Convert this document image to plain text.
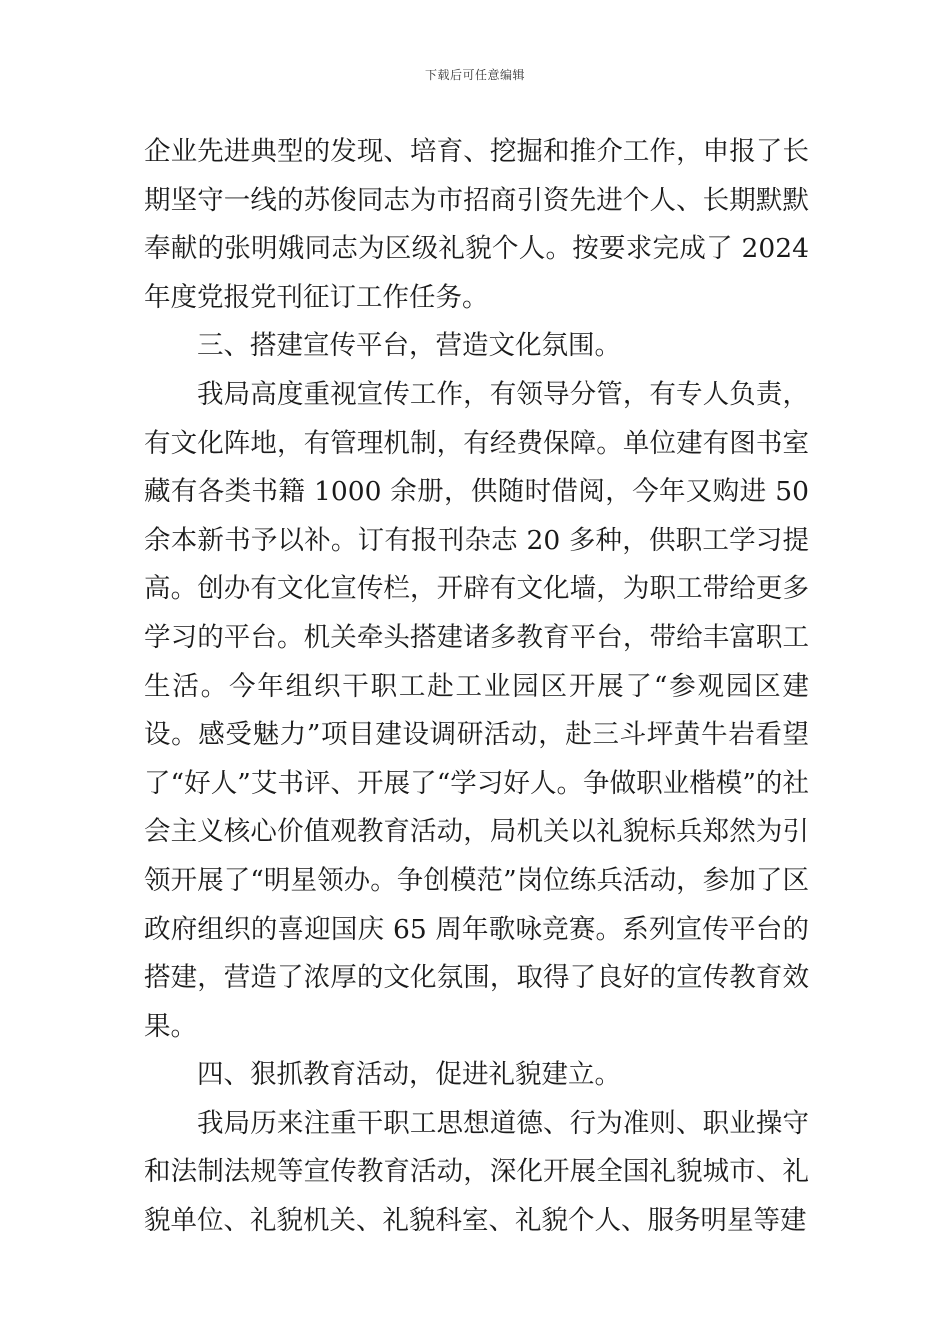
下载后可任意编辑

企业先进典型的发现、培育、挖掘和推介工作，申报了长期坚守一线的苏俊同志为市招商引资先进个人、长期默默奉献的张明娥同志为区级礼貌个人。按要求完成了 2024 年度党报党刊征订工作任务。

三、搭建宣传平台，营造文化氛围。

我局高度重视宣传工作，有领导分管，有专人负责，有文化阵地，有管理机制，有经费保障。单位建有图书室藏有各类书籍 1000 余册，供随时借阅，今年又购进 50 余本新书予以补。订有报刊杂志 20 多种，供职工学习提高。创办有文化宣传栏，开辟有文化墙，为职工带给更多学习的平台。机关牵头搭建诸多教育平台，带给丰富职工生活。今年组织干职工赴工业园区开展了“参观园区建设。感受魅力”项目建设调研活动，赴三斗坪黄牛岩看望了“好人”艾书评、开展了“学习好人。争做职业楷模”的社会主义核心价值观教育活动，局机关以礼貌标兵郑然为引领开展了“明星领办。争创模范”岗位练兵活动，参加了区政府组织的喜迎国庆 65 周年歌咏竞赛。系列宣传平台的搭建，营造了浓厚的文化氛围，取得了良好的宣传教育效果。

四、狠抓教育活动，促进礼貌建立。

我局历来注重干职工思想道德、行为准则、职业操守和法制法规等宣传教育活动，深化开展全国礼貌城市、礼貌单位、礼貌机关、礼貌科室、礼貌个人、服务明星等建
